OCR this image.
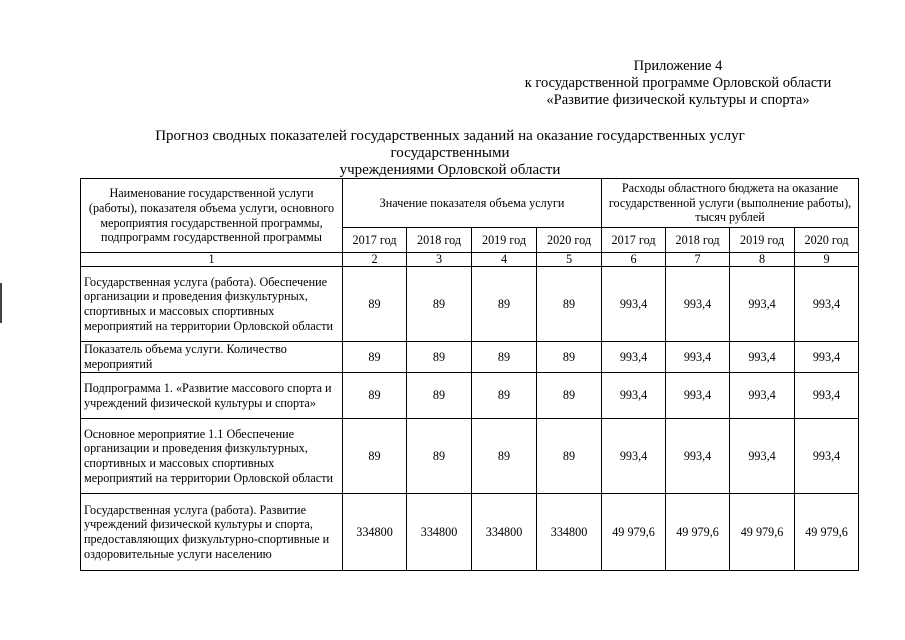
Приложение 4
к государственной программе Орловской области
«Развитие физической культуры и спорта»
Прогноз сводных показателей государственных заданий на оказание государственных услуг государственными
учреждениями Орловской области
Наименование государственной услуги (работы), показателя объема услуги, основного мероприятия государственной программы, подпрограмм государственной программы	Значение показателя объема услуги				Расходы областного бюджета на оказание государственной услуги (выполнение работы), тысяч рублей			
	2017 год	2018 год	2019 год	2020 год	2017 год	2018 год	2019 год	2020 год
1	2	3	4	5	6	7	8	9
Государственная услуга (работа). Обеспечение организации и проведения физкультурных, спортивных и массовых спортивных мероприятий на территории Орловской области	89	89	89	89	993,4	993,4	993,4	993,4
Показатель объема услуги. Количество мероприятий	89	89	89	89	993,4	993,4	993,4	993,4
Подпрограмма 1. «Развитие массового спорта и учреждений физической культуры и спорта»	89	89	89	89	993,4	993,4	993,4	993,4
Основное мероприятие 1.1 Обеспечение организации и проведения физкультурных, спортивных и массовых спортивных мероприятий на территории Орловской области	89	89	89	89	993,4	993,4	993,4	993,4
Государственная услуга (работа). Развитие учреждений физической культуры и спорта, предоставляющих физкультурно-спортивные и оздоровительные услуги населению	334800	334800	334800	334800	49 979,6	49 979,6	49 979,6	49 979,6
